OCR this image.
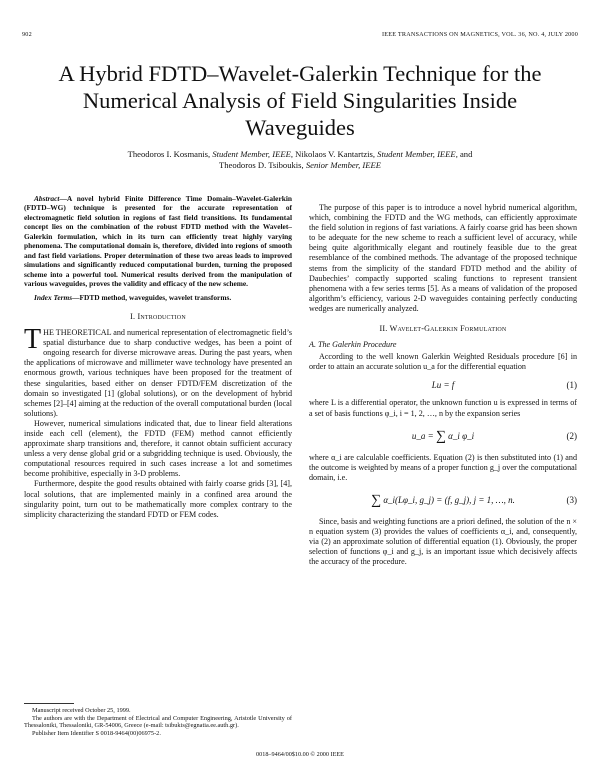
902	IEEE TRANSACTIONS ON MAGNETICS, VOL. 36, NO. 4, JULY 2000
A Hybrid FDTD–Wavelet-Galerkin Technique for the Numerical Analysis of Field Singularities Inside Waveguides
Theodoros I. Kosmanis, Student Member, IEEE, Nikolaos V. Kantartzis, Student Member, IEEE, and
Theodoros D. Tsiboukis, Senior Member, IEEE

Abstract—A novel hybrid Finite Difference Time Domain–Wavelet-Galerkin (FDTD–WG) technique is presented for the accurate representation of electromagnetic field solution in regions of fast field transitions. Its fundamental concept lies on the combination of the robust FDTD method with the Wavelet–Galerkin formulation, which in its turn can efficiently treat highly varying phenomena. The computational domain is, therefore, divided into regions of smooth and fast field variations. Proper determination of these two areas leads to improved simulations and significantly reduced computational burden, turning the proposed scheme into a powerful tool. Numerical results derived from the manipulation of various waveguides, proves the validity and efficacy of the new scheme.

Index Terms—FDTD method, waveguides, wavelet transforms.

I. Introduction

THE THEORETICAL and numerical representation of electromagnetic field’s spatial disturbance due to sharp conductive wedges, has been a point of ongoing research for diverse microwave areas. During the past years, when the applications of microwave and millimeter wave technology have presented an enormous growth, various techniques have been proposed for the treatment of these singularities, based either on denser FDTD/FEM discretization of the domain so investigated [1] (global solutions), or on the development of hybrid schemes [2]–[4] aiming at the reduction of the overall computational burden (local solutions).

However, numerical simulations indicated that, due to linear field alterations inside each cell (element), the FDTD (FEM) method cannot efficiently approximate sharp transitions and, therefore, it cannot obtain sufficient accuracy unless a very dense global grid or a subgridding technique is used. Obviously, the computational resources required in such cases increase a lot and sometimes become prohibitive, especially in 3-D problems.

Furthermore, despite the good results obtained with fairly coarse grids [3], [4], local solutions, that are implemented mainly in a confined area around the singularity point, turn out to be mathematically more complex contrary to the simplicity characterizing the standard FDTD or FEM codes.

Manuscript received October 25, 1999.

The authors are with the Department of Electrical and Computer Engineering, Aristotle University of Thessaloniki, Thessaloniki, GR-54006, Greece (e-mail: tsibukis@egnatia.ee.auth.gr).

Publisher Item Identifier S 0018-9464(00)06975-2.

The purpose of this paper is to introduce a novel hybrid numerical algorithm, which, combining the FDTD and the WG methods, can efficiently approximate the field solution in regions of fast variations. A fairly coarse grid has been shown to be adequate for the new scheme to reach a sufficient level of accuracy, while being quite algorithmically elegant and routinely feasible due to the great resemblance of the combined methods. The advantage of the proposed technique stems from the simplicity of the standard FDTD method and the ability of Daubechies’ compactly supported scaling functions to represent transient phenomena with a few series terms [5]. As a means of validation of the proposed algorithm’s efficiency, various 2-D waveguides containing perfectly conducting wedges are numerically analyzed.

II. Wavelet-Galerkin Formulation

A. The Galerkin Procedure

According to the well known Galerkin Weighted Residuals procedure [6] in order to attain an accurate solution u_a for the differential equation

Lu = f	(1)

where L is a differential operator, the unknown function u is expressed in terms of a set of basis functions φ_i, i = 1, 2, …, n by the expansion series

u_a = ∑ α_i φ_i	(2)

where α_i are calculable coefficients. Equation (2) is then substituted into (1) and the outcome is weighted by means of a proper function g_j over the computational domain, i.e.

∑ α_i(Lφ_i, g_j) = (f, g_j), j = 1, …, n.	(3)

Since, basis and weighting functions are a priori defined, the solution of the n × n equation system (3) provides the values of coefficients α_i, and, consequently, via (2) an approximate solution of differential equation (1). Obviously, the proper selection of functions φ_i and g_j, is an important issue which decisively affects the accuracy of the procedure.

0018–9464/00$10.00 © 2000 IEEE
